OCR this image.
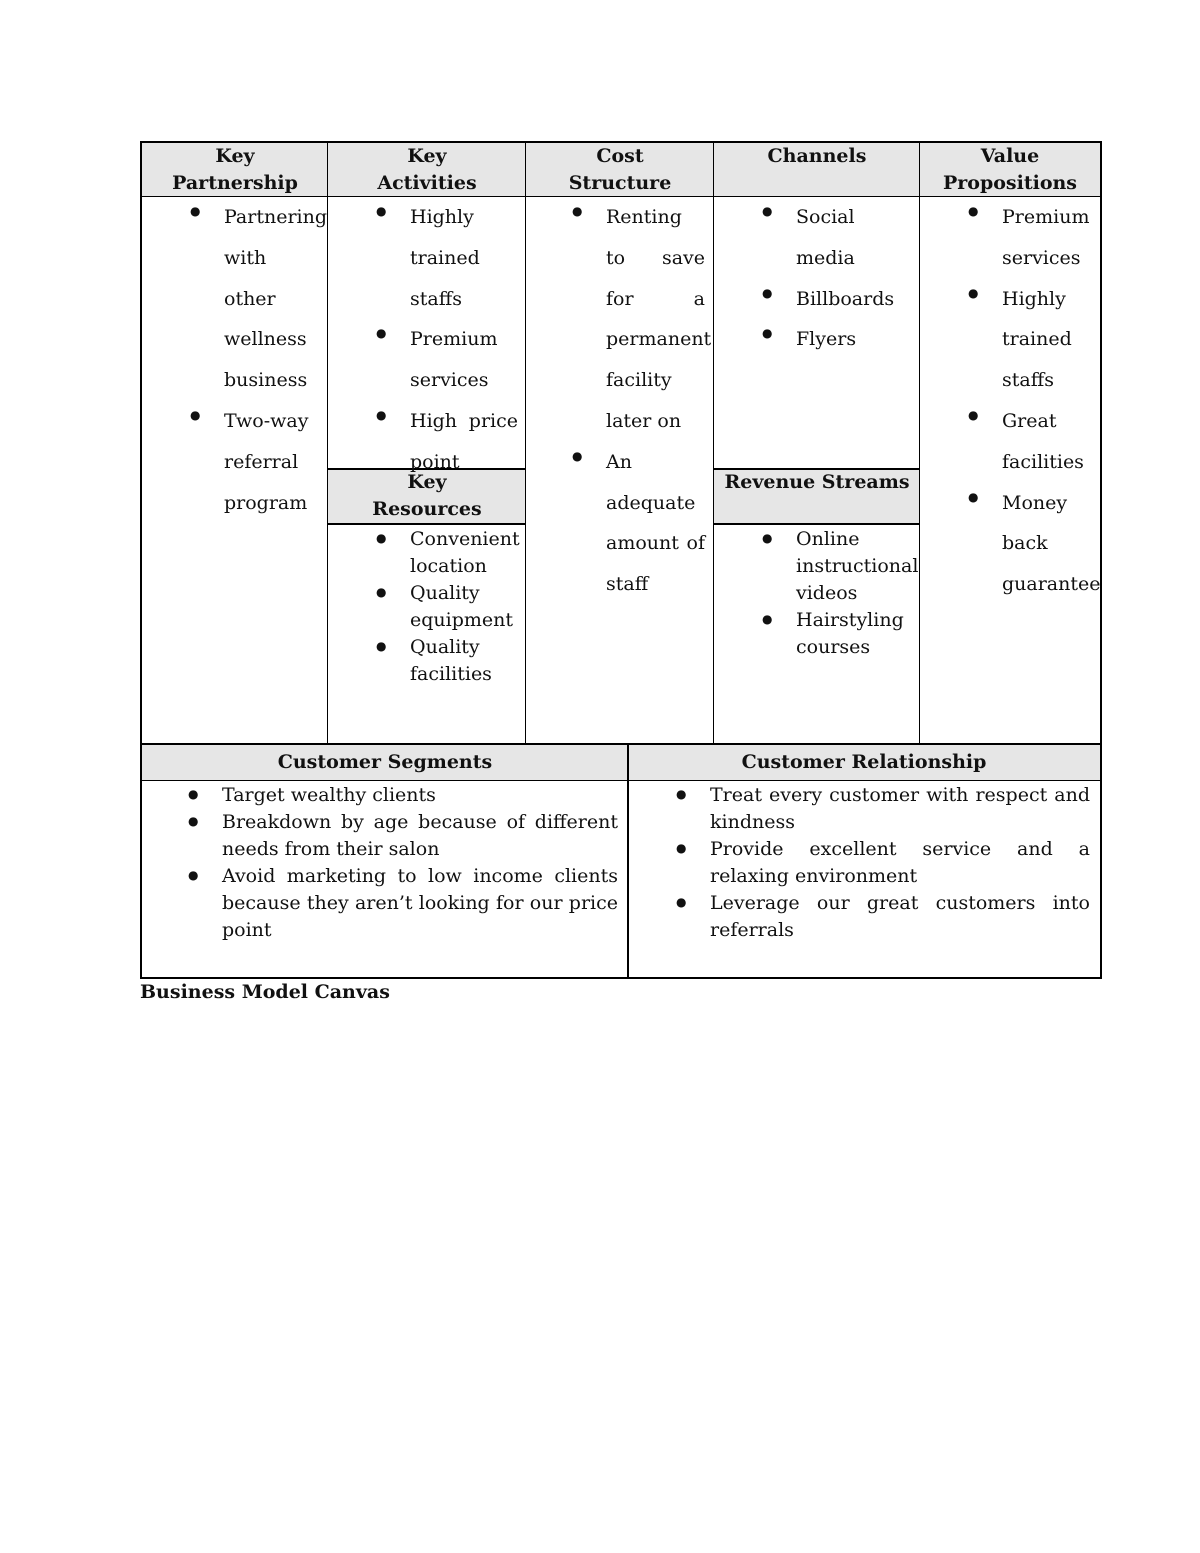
Key
Partnership
Key
Activities
Cost
Structure
Channels	Value
Propositions
Key
Resources
Revenue Streams
Customer Segments	Customer Relationship
● Partnering with other wellness business
● Two-way referral program
● Highly trained staffs
● Premium services
● High price point
● Convenient location
● Quality equipment
● Quality facilities
● Renting to save for a permanent facility later on
● An adequate amount of staff
● Social media
● Billboards
● Flyers
● Online instructional videos
● Hairstyling courses
● Premium services
● Highly trained staffs
● Great facilities
● Money back guarantee
● Target wealthy clients
● Breakdown by age because of different needs from their salon
● Avoid marketing to low income clients because they aren’t looking for our price point
● Treat every customer with respect and kindness
● Provide excellent service and a relaxing environment
● Leverage our great customers into referrals
Business Model Canvas
